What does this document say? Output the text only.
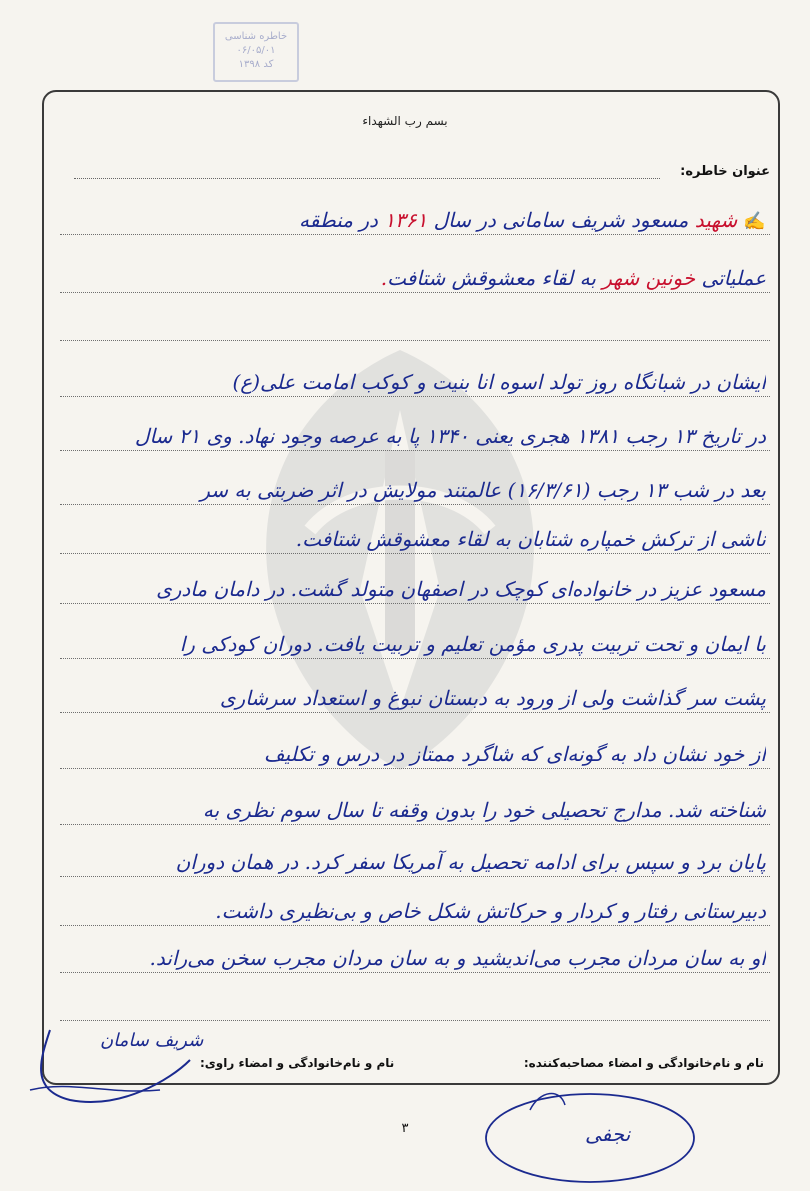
خاطره شناسی
۰۶/۰۵/۰۱
کد ۱۳۹۸
بسم رب الشهداء
عنوان خاطره:
✍شهید مسعود شریف سامانی در سال ۱۳۶۱ در منطقه
عملیاتی خونین شهر به لقاء معشوقش شتافت.
ایشان در شبانگاه روز تولد اسوه انا بنیت و کوکب امامت علی(ع)
در تاریخ ۱۳ رجب ۱۳۸۱ هجری یعنی ۱۳۴۰ پا به عرصه وجود نهاد. وی ۲۱ سال
بعد در شب ۱۳ رجب (۱۶/۳/۶۱) عالمتند مولایش در اثر ضربتی به سر
ناشی از ترکش خمپاره شتابان به لقاء معشوقش شتافت.
مسعود عزیز در خانواده‌ای کوچک در اصفهان متولد گشت. در دامان مادری
با ایمان و تحت تربیت پدری مؤمن تعلیم و تربیت یافت. دوران کودکی را
پشت سر گذاشت ولی از ورود به دبستان نبوغ و استعداد سرشاری
از خود نشان داد به گونه‌ای که شاگرد ممتاز در درس و تکلیف
شناخته شد. مدارج تحصیلی خود را بدون وقفه تا سال سوم نظری به
پایان برد و سپس برای ادامه تحصیل به آمریکا سفر کرد. در همان دوران
دبیرستانی رفتار و کردار و حرکاتش شکل خاص و بی‌نظیری داشت.
او به سان مردان مجرب می‌اندیشید و به سان مردان مجرب سخن می‌راند.
نام و نام‌خانوادگی و امضاء مصاحبه‌کننده:
نام و نام‌خانوادگی و امضاء راوی:
شریف سامان
نجفی
۳
